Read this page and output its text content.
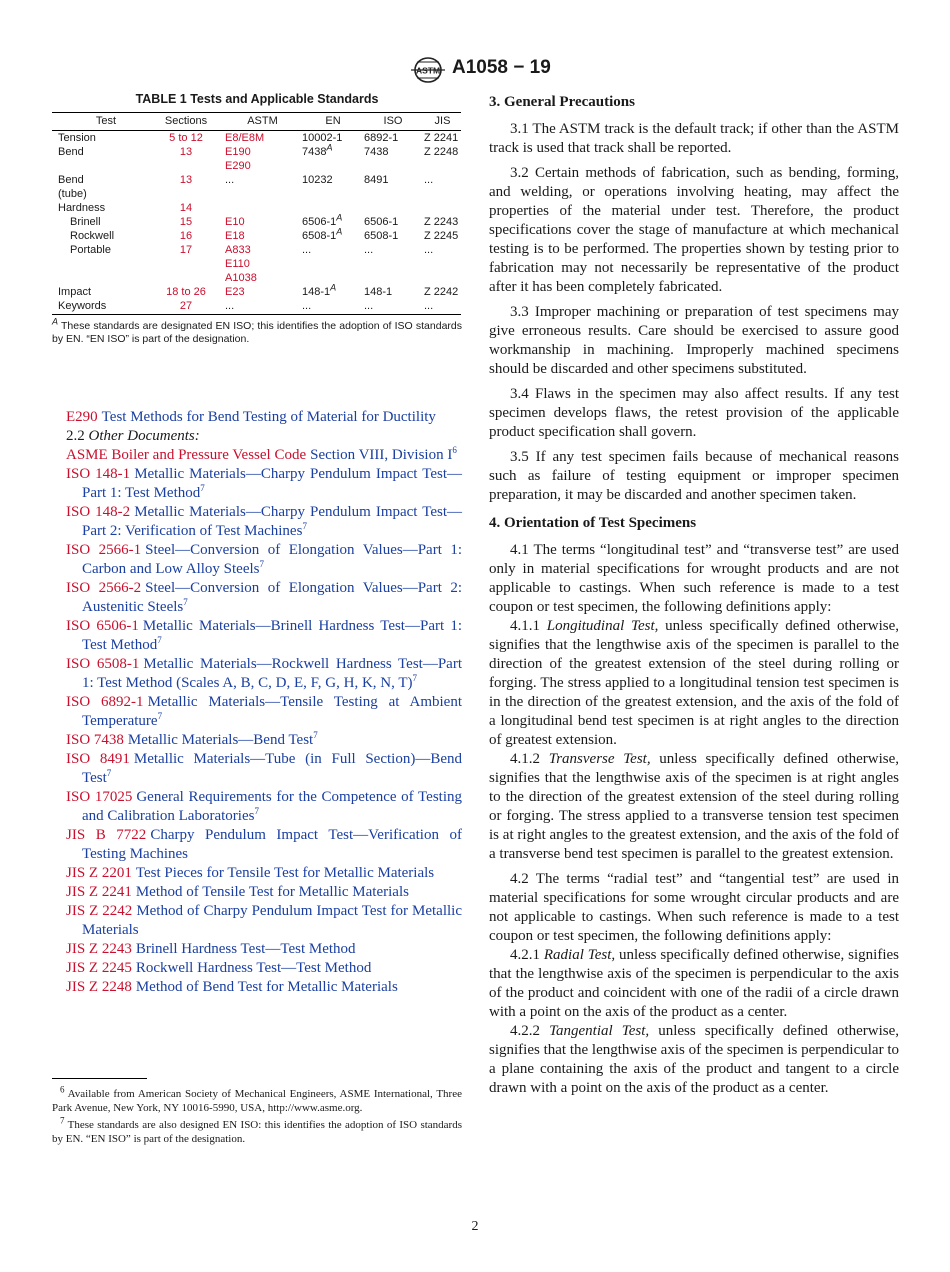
ASTM A1058 − 19
TABLE 1 Tests and Applicable Standards
Test	Sections	ASTM	EN	ISO	JIS
Tension	5 to 12	E8/E8M	10002-1	6892-1	Z 2241
Bend	13	E190	$7438^A$	7438	Z 2248
		E290			
Bend	13	...	10232	8491	...
(tube)					
Hardness	14				
Brinell	15	E10	$6506-1^A$	6506-1	Z 2243
Rockwell	16	E18	$6508-1^A$	6508-1	Z 2245
Portable	17	A833	...	...	...
		E110			
		A1038			
Impact	18 to 26	E23	$148-1^A$	148-1	Z 2242
Keywords	27	...	...	...	...
$^A$ These standards are designated EN ISO; this identifies the adoption of ISO standards by EN. “EN ISO” is part of the designation.

E290 Test Methods for Bend Testing of Material for Ductility

2.2 Other Documents:

ASME Boiler and Pressure Vessel Code Section VIII, Division $I^6$

ISO 148-1 Metallic Materials—Charpy Pendulum Impact Test—Part 1: Test Method$^7$

ISO 148-2 Metallic Materials—Charpy Pendulum Impact Test—Part 2: Verification of Test Machines$^7$

ISO 2566-1 Steel—Conversion of Elongation Values—Part 1: Carbon and Low Alloy Steels$^7$

ISO 2566-2 Steel—Conversion of Elongation Values—Part 2: Austenitic Steels$^7$

ISO 6506-1 Metallic Materials—Brinell Hardness Test—Part 1: Test Method$^7$

ISO 6508-1 Metallic Materials—Rockwell Hardness Test—Part 1: Test Method (Scales A, B, C, D, E, F, G, H, K, N, T)$^7$

ISO 6892-1 Metallic Materials—Tensile Testing at Ambient Temperature$^7$

ISO 7438 Metallic Materials—Bend Test$^7$

ISO 8491 Metallic Materials—Tube (in Full Section)—Bend Test$^7$

ISO 17025 General Requirements for the Competence of Testing and Calibration Laboratories$^7$

JIS B 7722 Charpy Pendulum Impact Test—Verification of Testing Machines

JIS Z 2201 Test Pieces for Tensile Test for Metallic Materials

JIS Z 2241 Method of Tensile Test for Metallic Materials

JIS Z 2242 Method of Charpy Pendulum Impact Test for Metallic Materials

JIS Z 2243 Brinell Hardness Test—Test Method

JIS Z 2245 Rockwell Hardness Test—Test Method

JIS Z 2248 Method of Bend Test for Metallic Materials

$^6$ Available from American Society of Mechanical Engineers, ASME International, Three Park Avenue, New York, NY 10016-5990, USA, http://www.asme.org.

$^7$ These standards are also designed EN ISO: this identifies the adoption of ISO standards by EN. “EN ISO” is part of the designation.

3. General Precautions

3.1 The ASTM track is the default track; if other than the ASTM track is used that track shall be reported.

3.2 Certain methods of fabrication, such as bending, forming, and welding, or operations involving heating, may affect the properties of the material under test. Therefore, the product specifications cover the stage of manufacture at which mechanical testing is to be performed. The properties shown by testing prior to fabrication may not necessarily be representative of the product after it has been completely fabricated.

3.3 Improper machining or preparation of test specimens may give erroneous results. Care should be exercised to assure good workmanship in machining. Improperly machined specimens should be discarded and other specimens substituted.

3.4 Flaws in the specimen may also affect results. If any test specimen develops flaws, the retest provision of the applicable product specification shall govern.

3.5 If any test specimen fails because of mechanical reasons such as failure of testing equipment or improper specimen preparation, it may be discarded and another specimen taken.

4. Orientation of Test Specimens

4.1 The terms “longitudinal test” and “transverse test” are used only in material specifications for wrought products and are not applicable to castings. When such reference is made to a test coupon or test specimen, the following definitions apply:

4.1.1 Longitudinal Test, unless specifically defined otherwise, signifies that the lengthwise axis of the specimen is parallel to the direction of the greatest extension of the steel during rolling or forging. The stress applied to a longitudinal tension test specimen is in the direction of the greatest extension, and the axis of the fold of a longitudinal bend test specimen is at right angles to the direction of greatest extension.

4.1.2 Transverse Test, unless specifically defined otherwise, signifies that the lengthwise axis of the specimen is at right angles to the direction of the greatest extension of the steel during rolling or forging. The stress applied to a transverse tension test specimen is at right angles to the greatest extension, and the axis of the fold of a transverse bend test specimen is parallel to the greatest extension.

4.2 The terms “radial test” and “tangential test” are used in material specifications for some wrought circular products and are not applicable to castings. When such reference is made to a test coupon or test specimen, the following definitions apply:

4.2.1 Radial Test, unless specifically defined otherwise, signifies that the lengthwise axis of the specimen is perpendicular to the axis of the product and coincident with one of the radii of a circle drawn with a point on the axis of the product as a center.

4.2.2 Tangential Test, unless specifically defined otherwise, signifies that the lengthwise axis of the specimen is perpendicular to a plane containing the axis of the product and tangent to a circle drawn with a point on the axis of the product as a center.

2
